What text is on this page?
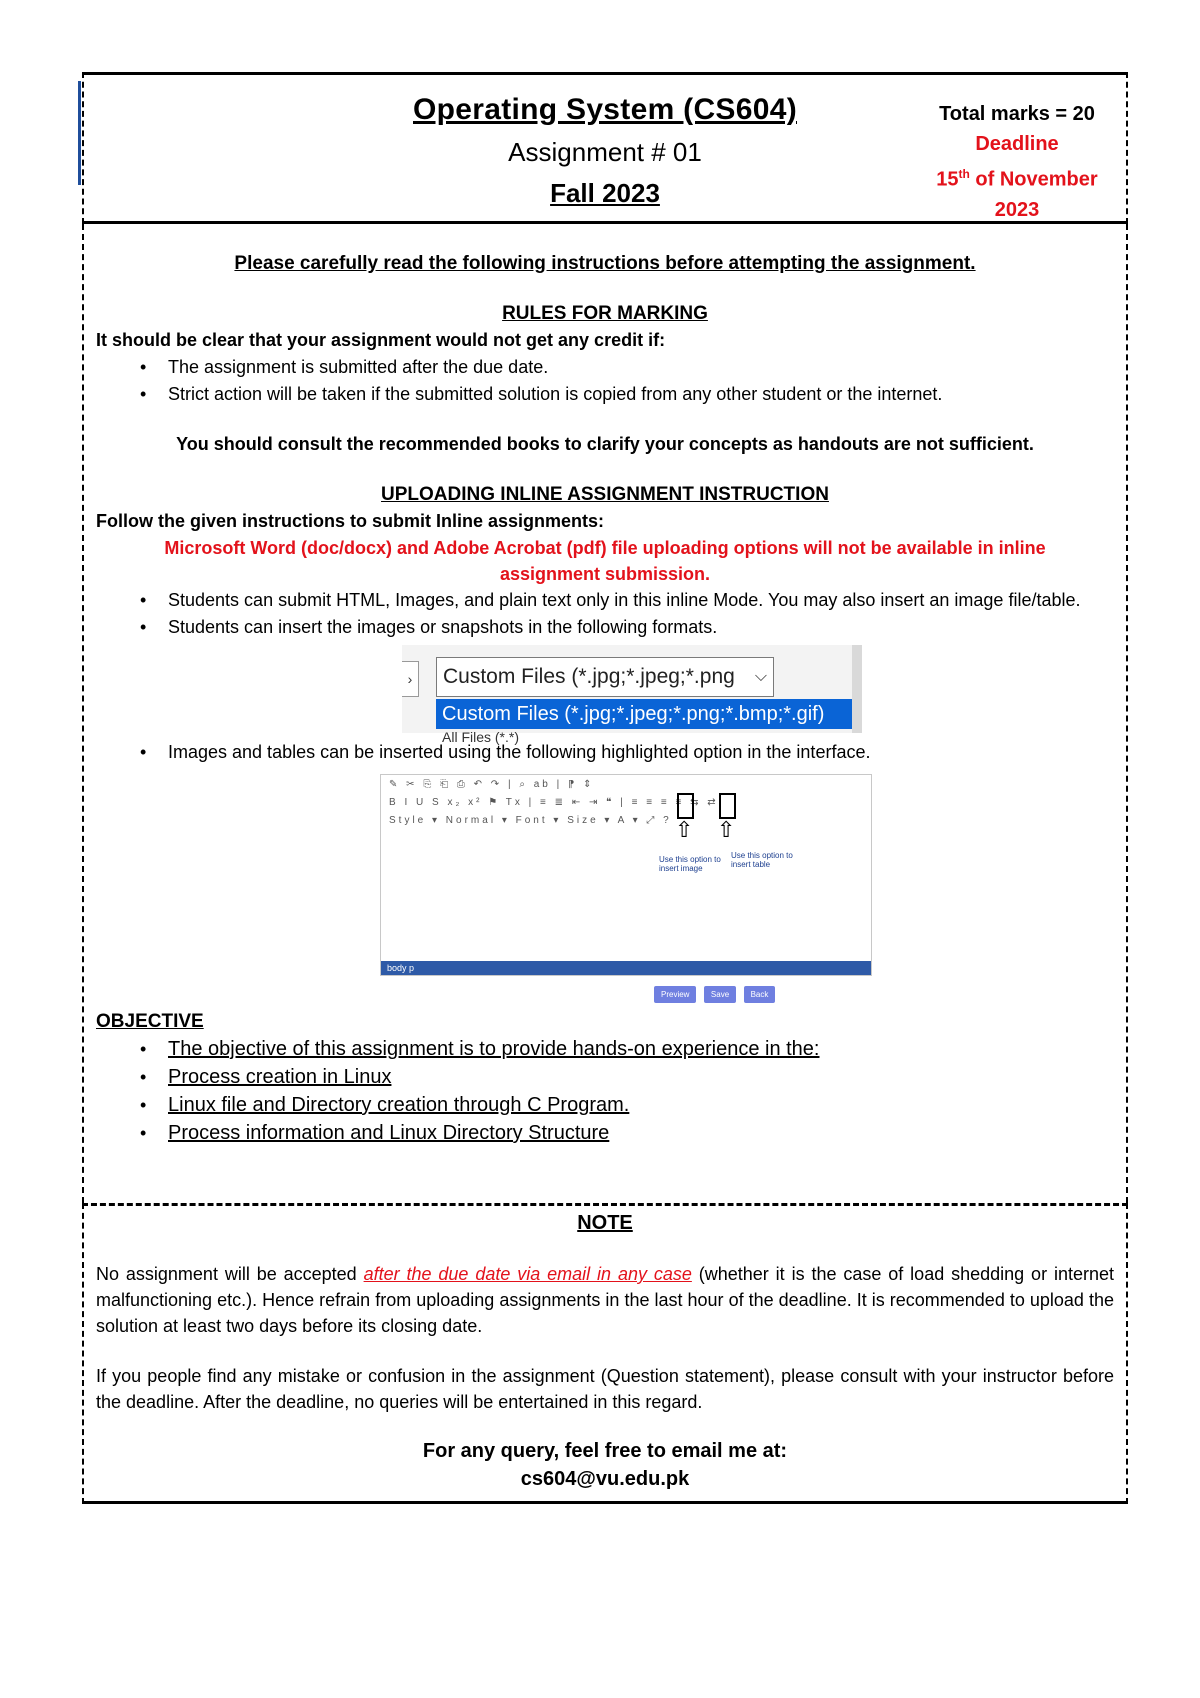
Operating System (CS604)
Assignment # 01
Fall 2023
Total marks = 20
Deadline
15th of November
2023
Please carefully read the following instructions before attempting the assignment.
RULES FOR MARKING
It should be clear that your assignment would not get any credit if:
• The assignment is submitted after the due date.
• Strict action will be taken if the submitted solution is copied from any other student or the internet.
You should consult the recommended books to clarify your concepts as handouts are not sufficient.
UPLOADING INLINE ASSIGNMENT INSTRUCTION
Follow the given instructions to submit Inline assignments:
Microsoft Word (doc/docx) and Adobe Acrobat (pdf) file uploading options will not be available in inline assignment submission.
• Students can submit HTML, Images, and plain text only in this inline Mode. You may also insert an image file/table.
• Students can insert the images or snapshots in the following formats.
›	Custom Files (*.jpg;*.jpeg;*.png ⌵
Custom Files (*.jpg;*.jpeg;*.png;*.bmp;*.gif)
All Files (*.*)
• Images and tables can be inserted using the following highlighted option in the interface.
✎ ✂ ⎘ ⎗ ⎙ ↶ ↷ | ⌕ ab | ⁋ ⇕
B I U S x₂ x² ⚑ Tx | ≡ ≣ ⇤ ⇥ ❝ | ≡ ≡ ≡ ≡ ⇆ ⇄
Style ▾ Normal ▾ Font ▾ Size ▾ A ▾ ⤢ ? ⇧ ⇧
Use this option to insert image
Use this option to insert table
body p
Preview	Save	Back
OBJECTIVE
• The objective of this assignment is to provide hands-on experience in the:
• Process creation in Linux
• Linux file and Directory creation through C Program.
• Process information and Linux Directory Structure
NOTE
No assignment will be accepted after the due date via email in any case (whether it is the case of load shedding or internet malfunctioning etc.). Hence refrain from uploading assignments in the last hour of the deadline. It is recommended to upload the solution at least two days before its closing date.
If you people find any mistake or confusion in the assignment (Question statement), please consult with your instructor before the deadline. After the deadline, no queries will be entertained in this regard.
For any query, feel free to email me at:
cs604@vu.edu.pk
